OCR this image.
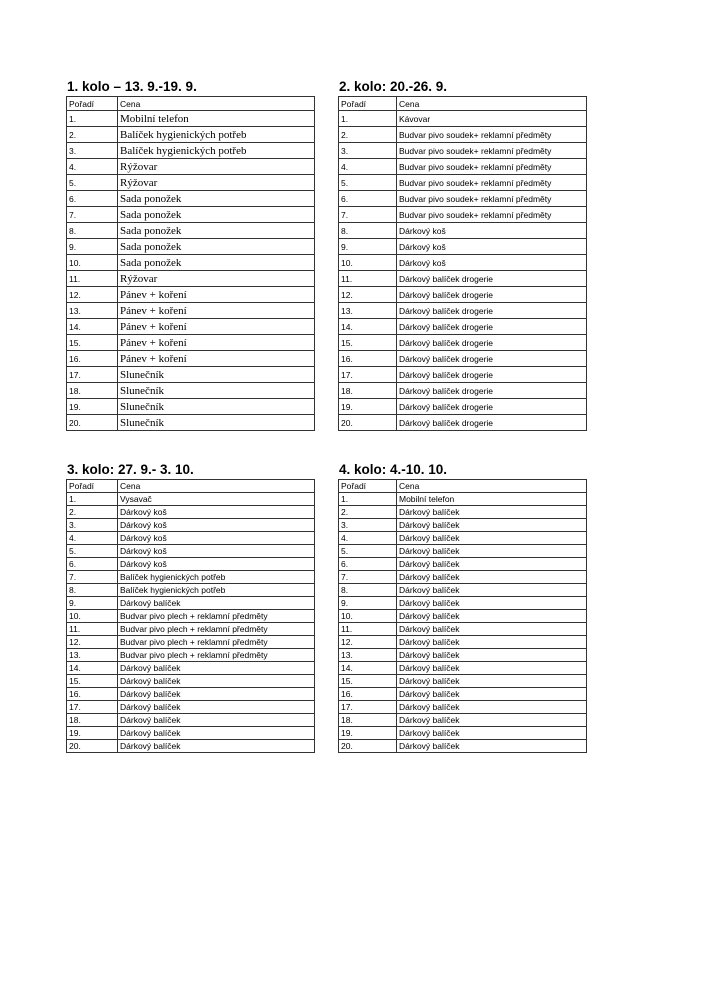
1. kolo – 13. 9.-19. 9.
Pořadí	Cena
1.	Mobilní telefon
2.	Balíček hygienických potřeb
3.	Balíček hygienických potřeb
4.	Rýžovar
5.	Rýžovar
6.	Sada ponožek
7.	Sada ponožek
8.	Sada ponožek
9.	Sada ponožek
10.	Sada ponožek
11.	Rýžovar
12.	Pánev + koření
13.	Pánev + koření
14.	Pánev + koření
15.	Pánev + koření
16.	Pánev + koření
17.	Slunečník
18.	Slunečník
19.	Slunečník
20.	Slunečník
2. kolo: 20.-26. 9.
Pořadí	Cena
1.	Kávovar
2.	Budvar pivo soudek+ reklamní předměty
3.	Budvar pivo soudek+ reklamní předměty
4.	Budvar pivo soudek+ reklamní předměty
5.	Budvar pivo soudek+ reklamní předměty
6.	Budvar pivo soudek+ reklamní předměty
7.	Budvar pivo soudek+ reklamní předměty
8.	Dárkový koš
9.	Dárkový koš
10.	Dárkový koš
11.	Dárkový balíček drogerie
12.	Dárkový balíček drogerie
13.	Dárkový balíček drogerie
14.	Dárkový balíček drogerie
15.	Dárkový balíček drogerie
16.	Dárkový balíček drogerie
17.	Dárkový balíček drogerie
18.	Dárkový balíček drogerie
19.	Dárkový balíček drogerie
20.	Dárkový balíček drogerie
3. kolo: 27. 9.- 3. 10.
Pořadí	Cena
1.	Vysavač
2.	Dárkový koš
3.	Dárkový koš
4.	Dárkový koš
5.	Dárkový koš
6.	Dárkový koš
7.	Balíček hygienických potřeb
8.	Balíček hygienických potřeb
9.	Dárkový balíček
10.	Budvar pivo plech + reklamní předměty
11.	Budvar pivo plech + reklamní předměty
12.	Budvar pivo plech + reklamní předměty
13.	Budvar pivo plech + reklamní předměty
14.	Dárkový balíček
15.	Dárkový balíček
16.	Dárkový balíček
17.	Dárkový balíček
18.	Dárkový balíček
19.	Dárkový balíček
20.	Dárkový balíček
4. kolo: 4.-10. 10.
Pořadí	Cena
1.	Mobilní telefon
2.	Dárkový balíček
3.	Dárkový balíček
4.	Dárkový balíček
5.	Dárkový balíček
6.	Dárkový balíček
7.	Dárkový balíček
8.	Dárkový balíček
9.	Dárkový balíček
10.	Dárkový balíček
11.	Dárkový balíček
12.	Dárkový balíček
13.	Dárkový balíček
14.	Dárkový balíček
15.	Dárkový balíček
16.	Dárkový balíček
17.	Dárkový balíček
18.	Dárkový balíček
19.	Dárkový balíček
20.	Dárkový balíček
